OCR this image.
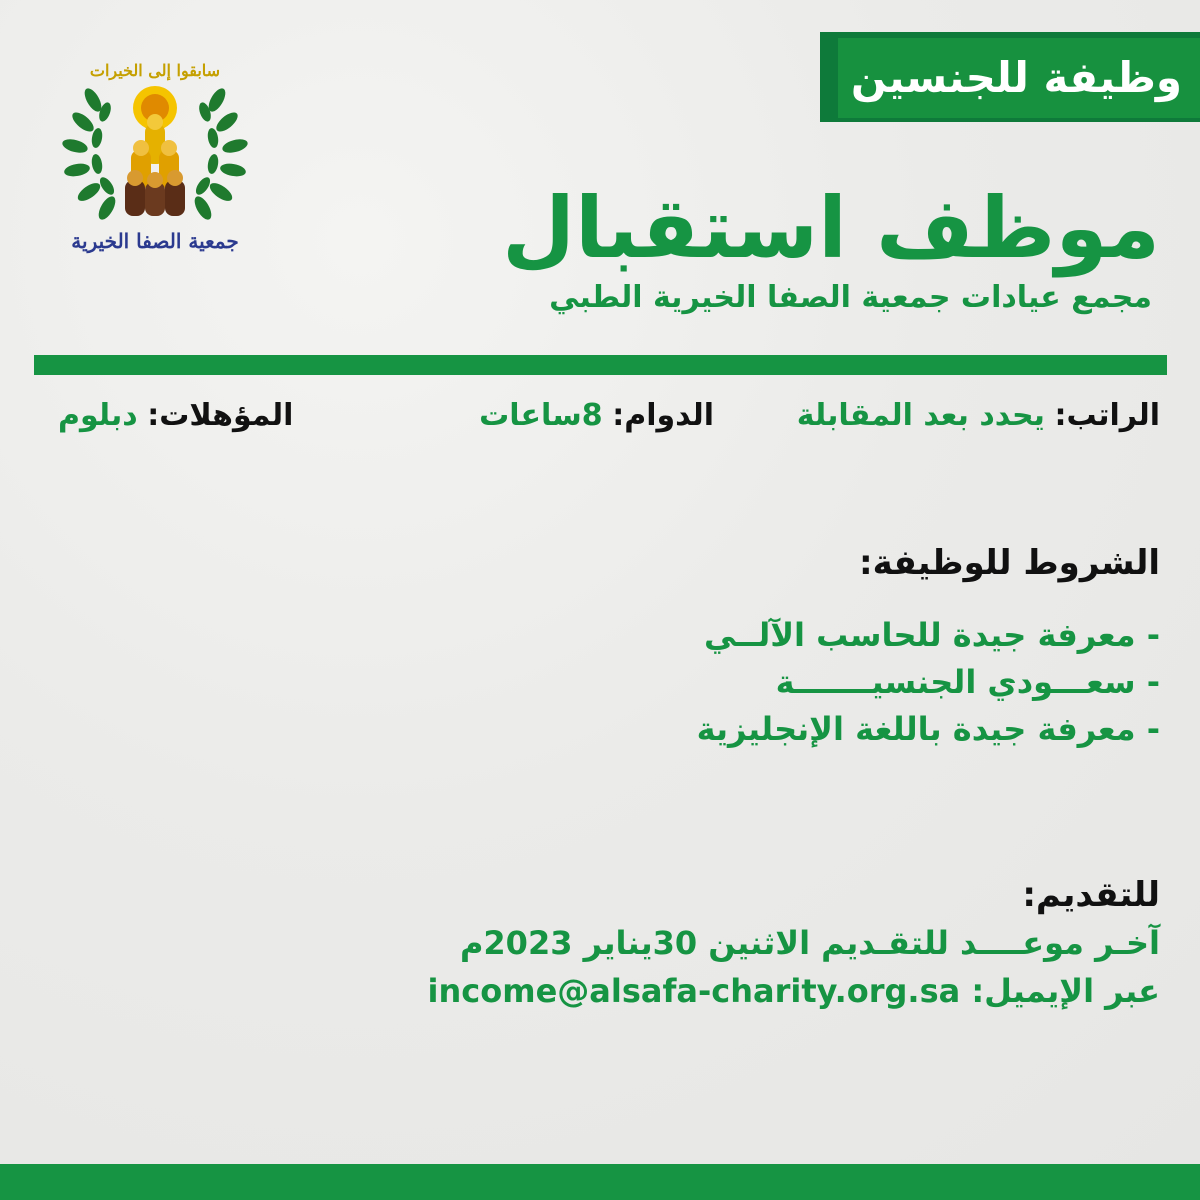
وظيفة للجنسين
سابقوا إلى الخيرات
جمعية الصفا الخيرية	موظف استقبال
مجمع عيادات جمعية الصفا الخيرية الطبي
الراتب: يحدد بعد المقابلة
الدوام: 8ساعات
المؤهلات: دبلوم
الشروط للوظيفة:
- معرفة جيدة للحاسب الآلــي
- سعـــودي الجنسيـــــــة
- معرفة جيدة باللغة الإنجليزية
للتقديم:
آخـر موعــــد للتقـديم الاثنين 30يناير 2023م
عبر الإيميل: income@alsafa-charity.org.sa
